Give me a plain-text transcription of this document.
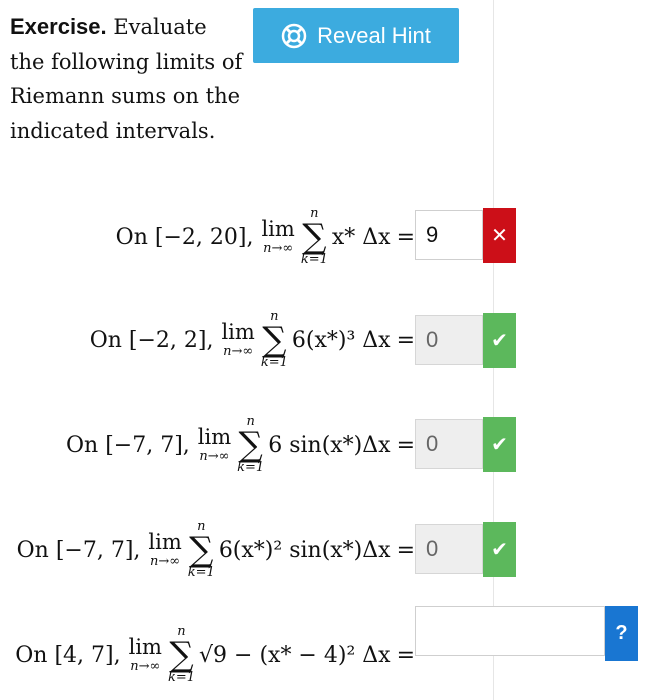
Exercise. Evaluate the following limits of Riemann sums on the indicated intervals.
Reveal Hint
On [−2, 20], lim
n→∞
n
∑
k=1
x* Δx = 9	✕
On [−2, 2], lim
n→∞
n
∑
k=1
6(x*)³ Δx = 0	✔
On [−7, 7], lim
n→∞
n
∑
k=1
6 sin(x*)Δx = 0	✔
On [−7, 7], lim
n→∞
n
∑
k=1
6(x*)² sin(x*)Δx = 0	✔
On [4, 7], lim
n→∞
n
∑
k=1
√9 − (x* − 4)² Δx =
?
